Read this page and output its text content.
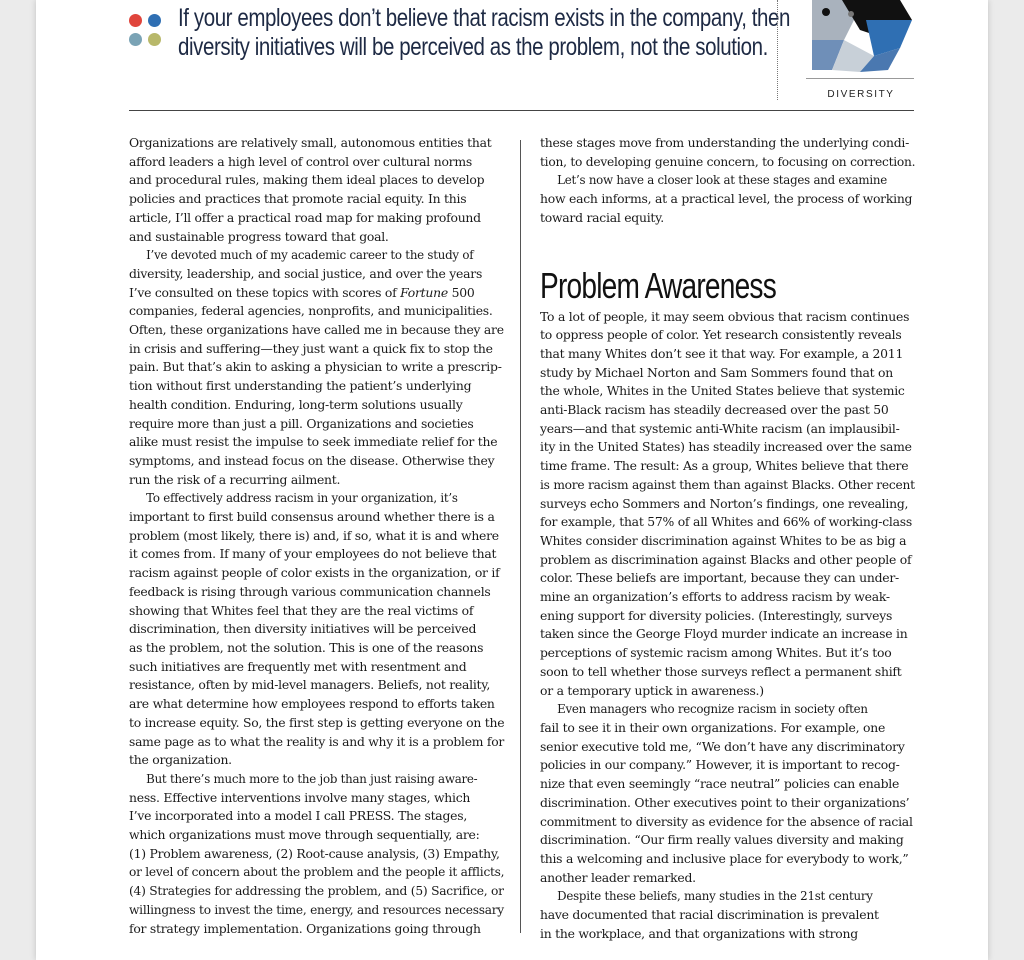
If your employees don’t believe that racism exists in the company, then
diversity initiatives will be perceived as the problem, not the solution.
DIVERSITY

Organizations are relatively small, autonomous entities that
afford leaders a high level of control over cultural norms
and procedural rules, making them ideal places to develop
policies and practices that promote racial equity. In this
article, I’ll offer a practical road map for making profound
and sustainable progress toward that goal.

I’ve devoted much of my academic career to the study of
diversity, leadership, and social justice, and over the years
I’ve consulted on these topics with scores of Fortune 500
companies, federal agencies, nonprofits, and municipalities.
Often, these organizations have called me in because they are
in crisis and suffering—they just want a quick fix to stop the
pain. But that’s akin to asking a physician to write a prescrip-
tion without first understanding the patient’s underlying
health condition. Enduring, long-term solutions usually
require more than just a pill. Organizations and societies
alike must resist the impulse to seek immediate relief for the
symptoms, and instead focus on the disease. Otherwise they
run the risk of a recurring ailment.

To effectively address racism in your organization, it’s
important to first build consensus around whether there is a
problem (most likely, there is) and, if so, what it is and where
it comes from. If many of your employees do not believe that
racism against people of color exists in the organization, or if
feedback is rising through various communication channels
showing that Whites feel that they are the real victims of
discrimination, then diversity initiatives will be perceived
as the problem, not the solution. This is one of the reasons
such initiatives are frequently met with resentment and
resistance, often by mid-level managers. Beliefs, not reality,
are what determine how employees respond to efforts taken
to increase equity. So, the first step is getting everyone on the
same page as to what the reality is and why it is a problem for
the organization.

But there’s much more to the job than just raising aware-
ness. Effective interventions involve many stages, which
I’ve incorporated into a model I call PRESS. The stages,
which organizations must move through sequentially, are:
(1) Problem awareness, (2) Root-cause analysis, (3) Empathy,
or level of concern about the problem and the people it afflicts,
(4) Strategies for addressing the problem, and (5) Sacrifice, or
willingness to invest the time, energy, and resources necessary
for strategy implementation. Organizations going through

these stages move from understanding the underlying condi-
tion, to developing genuine concern, to focusing on correction.

Let’s now have a closer look at these stages and examine
how each informs, at a practical level, the process of working
toward racial equity.

Problem Awareness

To a lot of people, it may seem obvious that racism continues
to oppress people of color. Yet research consistently reveals
that many Whites don’t see it that way. For example, a 2011
study by Michael Norton and Sam Sommers found that on
the whole, Whites in the United States believe that systemic
anti-Black racism has steadily decreased over the past 50
years—and that systemic anti-White racism (an implausibil-
ity in the United States) has steadily increased over the same
time frame. The result: As a group, Whites believe that there
is more racism against them than against Blacks. Other recent
surveys echo Sommers and Norton’s findings, one revealing,
for example, that 57% of all Whites and 66% of working-class
Whites consider discrimination against Whites to be as big a
problem as discrimination against Blacks and other people of
color. These beliefs are important, because they can under-
mine an organization’s efforts to address racism by weak-
ening support for diversity policies. (Interestingly, surveys
taken since the George Floyd murder indicate an increase in
perceptions of systemic racism among Whites. But it’s too
soon to tell whether those surveys reflect a permanent shift
or a temporary uptick in awareness.)

Even managers who recognize racism in society often
fail to see it in their own organizations. For example, one
senior executive told me, “We don’t have any discriminatory
policies in our company.” However, it is important to recog-
nize that even seemingly “race neutral” policies can enable
discrimination. Other executives point to their organizations’
commitment to diversity as evidence for the absence of racial
discrimination. “Our firm really values diversity and making
this a welcoming and inclusive place for everybody to work,”
another leader remarked.

Despite these beliefs, many studies in the 21st century
have documented that racial discrimination is prevalent
in the workplace, and that organizations with strong
